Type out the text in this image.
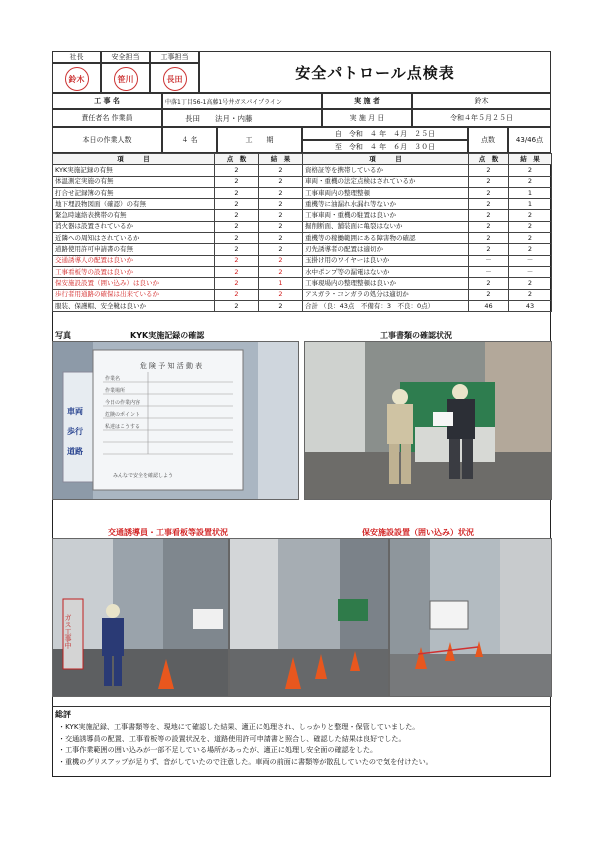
社長	安全担当	工事担当
鈴木	笹川	長田	安全パトロール点検表
工 事 名	中落1丁目56-1高藤1号井ガスパイプライン	実 施 者	鈴木
責任者名 作業員	長田　　法月・内藤	実 施 月 日	令和４年５月２５日
本日の作業人数	４ 名	工　　期
自　令和　４ 年　４月　２５日
至　令和　４ 年　６月　３０日
点数	43/46点
項　　　目	点　数	結　果
KYK実施記録の有無	2	2
体温測定実施の有無	2	2
打合せ記録簿の有無	2	2
地下埋設物図面（確認）の有無	2	2
緊急時連絡表携帯の有無	2	2
消火器は設置されているか	2	2
近隣への周知はされているか	2	2
道路使用許可申請書の有無	2	2
交通誘導人の配置は良いか	2	2
工事看板等の設置は良いか	2	2
保安施設設置（囲い込み）は良いか	2	1
歩行者用通路の確保は出来ているか	2	2
服装、保護帽、安全靴は良いか	2	2
項　　　目	点　数	結　果
資格証等を携帯しているか	2	2
車両・重機の法定点検はされているか	2	2
工事車両内の整理整頓	2	1
重機等に油漏れ水漏れ等ないか	2	1
工事車両・重機の駐置は良いか	2	2
掘削断面、舗装面に亀裂はないか	2	2
重機等の稼働範囲にある障害物の確認	2	2
刃先誘導者の配置は適切か	2	2
玉掛け用のワイヤーは良いか	－	－
水中ポンプ等の漏電はないか	－	－
工事現場内の整理整頓は良いか	2	2
アスガラ・コンガラの処分は適切か	2	2
合計 （良：43点　不備有：3　不良：0点）	46	43
写真	KYK実施記録の確認	工事書類の確認状況
危 険 予 知 活 動 表
作業名
作業場所
今日の作業内容
危険のポイント
私達はこうする
車両
歩行
道路
みんなで安全を確認しよう
交通誘導員・工事看板等設置状況	保安施設設置（囲い込み）状況
ガス工事中
総評
・KYK実施記録、工事書類等を、現地にて確認した結果、適正に処理され、しっかりと整理・保管していました。
・交通誘導員の配置、工事看板等の設置状況を、道路使用許可申請書と照合し、確認した結果は良好でした。
・工事作業範囲の囲い込みが一部不足している場所があったが、適正に処理し安全面の確認をした。
・重機のグリスアップが足りず、音がしていたので注意した。車両の前面に書類等が散乱していたので気を付けたい。
